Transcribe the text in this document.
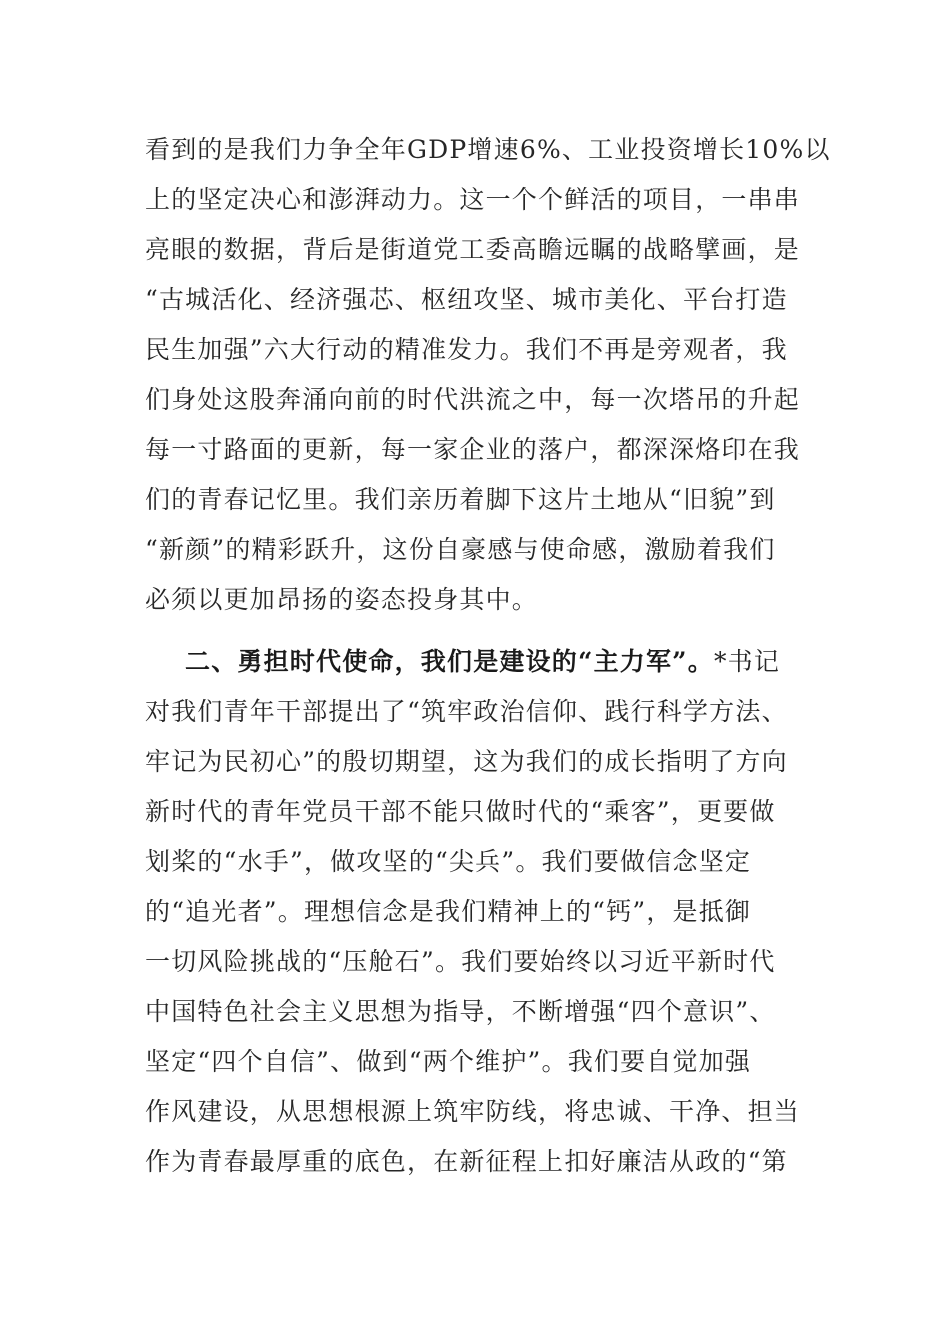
看到的是我们力争全年GDP增速6%、工业投资增长10%以
上的坚定决心和澎湃动力。这一个个鲜活的项目，一串串
亮眼的数据，背后是街道党工委高瞻远瞩的战略擘画，是
“古城活化、经济强芯、枢纽攻坚、城市美化、平台打造
民生加强”六大行动的精准发力。我们不再是旁观者，我
们身处这股奔涌向前的时代洪流之中，每一次塔吊的升起
每一寸路面的更新，每一家企业的落户，都深深烙印在我
们的青春记忆里。我们亲历着脚下这片土地从“旧貌”到
“新颜”的精彩跃升，这份自豪感与使命感，激励着我们
必须以更加昂扬的姿态投身其中。
二、勇担时代使命，我们是建设的“主力军”。*书记
对我们青年干部提出了“筑牢政治信仰、践行科学方法、
牢记为民初心”的殷切期望，这为我们的成长指明了方向
新时代的青年党员干部不能只做时代的“乘客”，更要做
划桨的“水手”，做攻坚的“尖兵”。我们要做信念坚定
的“追光者”。理想信念是我们精神上的“钙”，是抵御
一切风险挑战的“压舱石”。我们要始终以习近平新时代
中国特色社会主义思想为指导，不断增强“四个意识”、
坚定“四个自信”、做到“两个维护”。我们要自觉加强
作风建设，从思想根源上筑牢防线，将忠诚、干净、担当
作为青春最厚重的底色，在新征程上扣好廉洁从政的“第
